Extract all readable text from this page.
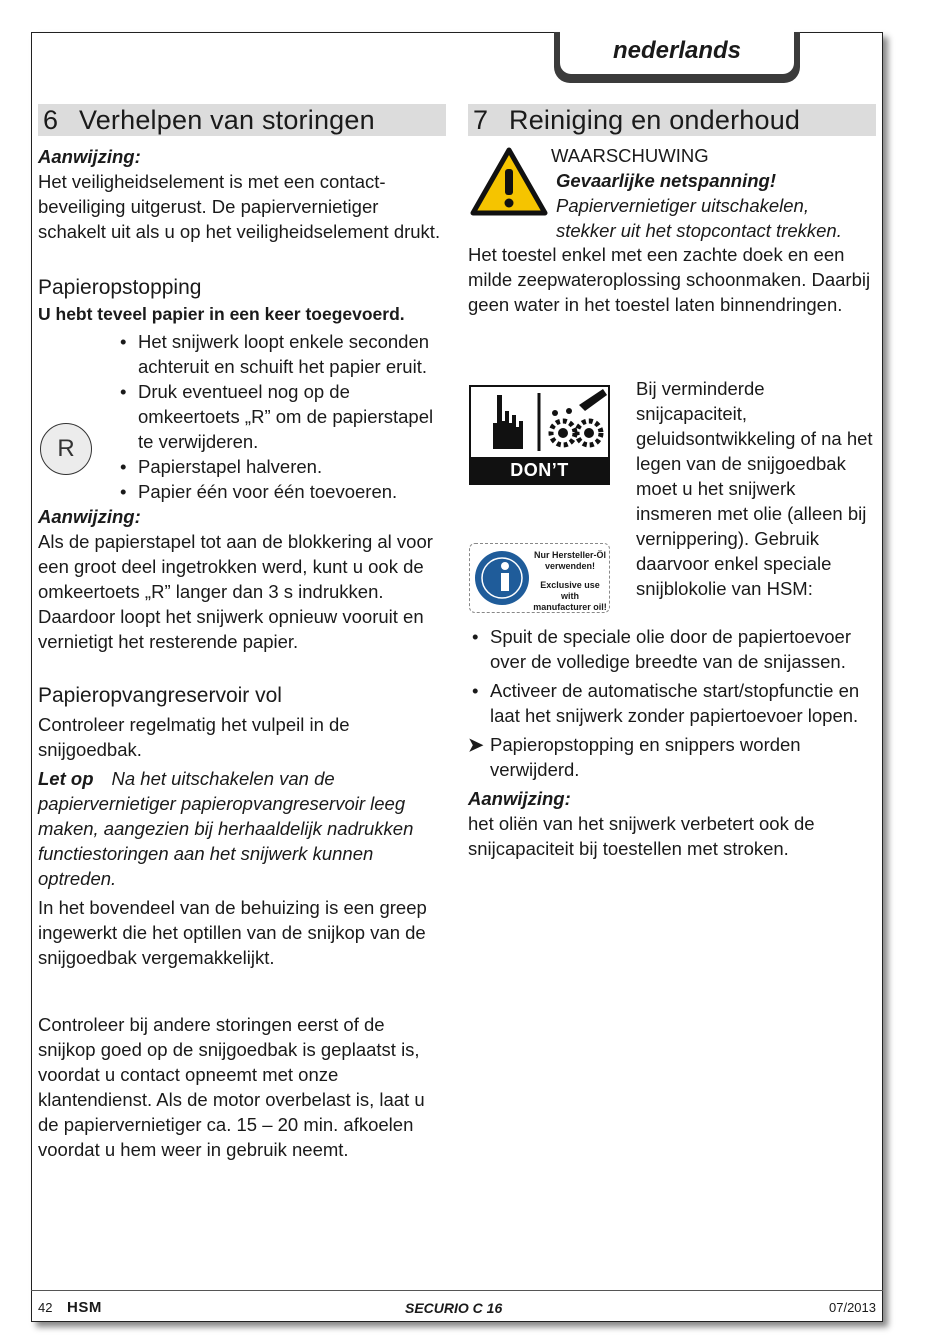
nederlands
6 Verhelpen van storingen

Aanwijzing:

Het veiligheidselement is met een contact-beveiliging uitgerust. De papiervernietiger schakelt uit als u op het veiligheidselement drukt.

Papieropstopping

U hebt teveel papier in een keer toegevoerd.

• Het snijwerk loopt enkele seconden achteruit en schuift het papier eruit.
• Druk eventueel nog op de omkeertoets „R” om de papierstapel te verwijderen.
• Papierstapel halveren.
• Papier één voor één toevoeren.

Aanwijzing:

Als de papierstapel tot aan de blokkering al voor een groot deel ingetrokken werd, kunt u ook de omkeertoets „R” langer dan 3 s indrukken. Daardoor loopt het snijwerk opnieuw vooruit en vernietigt het resterende papier.

Papieropvangreservoir vol

Controleer regelmatig het vulpeil in de snijgoedbak.

Let op Na het uitschakelen van de papiervernietiger papieropvangreservoir leeg maken, aangezien bij herhaaldelijk nadrukken functiestoringen aan het snijwerk kunnen optreden.

In het bovendeel van de behuizing is een greep ingewerkt die het optillen van de snijkop van de snijgoedbak vergemakkelijkt.

Controleer bij andere storingen eerst of de snijkop goed op de snijgoedbak is geplaatst is, voordat u contact opneemt met onze klantendienst. Als de motor overbelast is, laat u de papiervernietiger ca. 15 – 20 min. afkoelen voordat u hem weer in gebruik neemt.

R
7 Reiniging en onderhoud

WAARSCHUWING

Gevaarlijke netspanning!

Papiervernietiger uitschakelen,

stekker uit het stopcontact trekken.

Het toestel enkel met een zachte doek en een milde zeepwateroplossing schoonmaken. Daarbij geen water in het toestel laten binnendringen.

DON’T FORGET
Nur Hersteller-Öl verwenden!
Exclusive use with manufacturer oil!

Bij verminderde snijcapaciteit, geluidsontwikkeling of na het legen van de snijgoedbak moet u het snijwerk insmeren met olie (alleen bij vernippering). Gebruik daarvoor enkel speciale snijblokolie van HSM:

• Spuit de speciale olie door de papiertoevoer over de volledige breedte van de snijassen.
• Activeer de automatische start/stopfunctie en laat het snijwerk zonder papiertoevoer lopen.

➤ Papieropstopping en snippers worden verwijderd.

Aanwijzing:

het oliën van het snijwerk verbetert ook de snijcapaciteit bij toestellen met stroken.

42 HSM	SECURIO C 16	07/2013
